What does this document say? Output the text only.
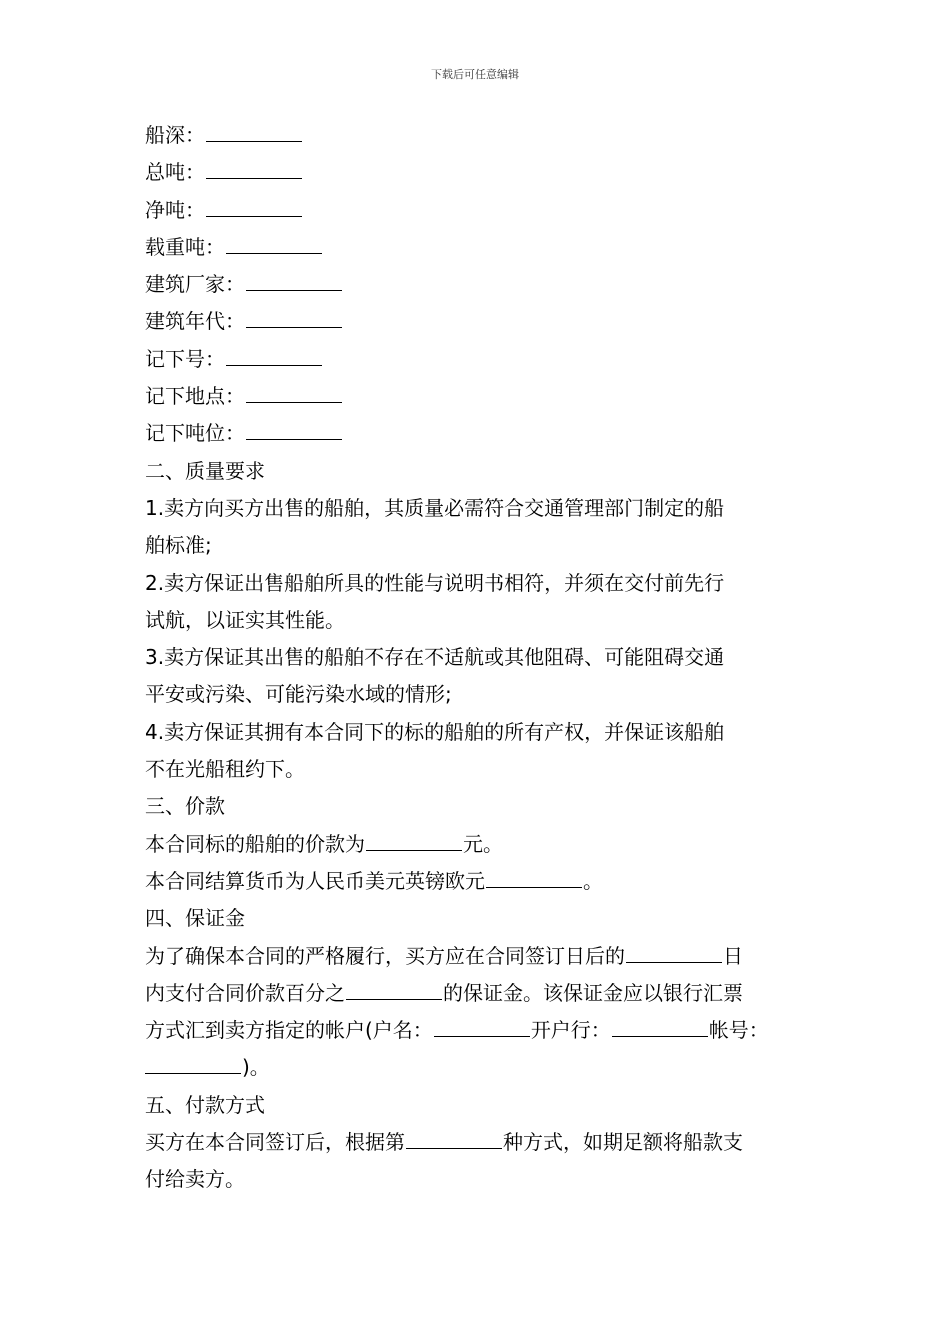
下载后可任意编辑
船深：
总吨：
净吨：
载重吨：
建筑厂家：
建筑年代：
记下号：
记下地点：
记下吨位：
二、质量要求
1.卖方向买方出售的船舶，其质量必需符合交通管理部门制定的船
舶标准;
2.卖方保证出售船舶所具的性能与说明书相符，并须在交付前先行
试航，以证实其性能。
3.卖方保证其出售的船舶不存在不适航或其他阻碍、可能阻碍交通
平安或污染、可能污染水域的情形;
4.卖方保证其拥有本合同下的标的船舶的所有产权，并保证该船舶
不在光船租约下。
三、价款
本合同标的船舶的价款为	元。
本合同结算货币为人民币美元英镑欧元	。
四、保证金
为了确保本合同的严格履行，买方应在合同签订日后的	日
内支付合同价款百分之	的保证金。该保证金应以银行汇票
方式汇到卖方指定的帐户(户名：	开户行：	帐号：
)。
五、付款方式
买方在本合同签订后，根据第	种方式，如期足额将船款支
付给卖方。
